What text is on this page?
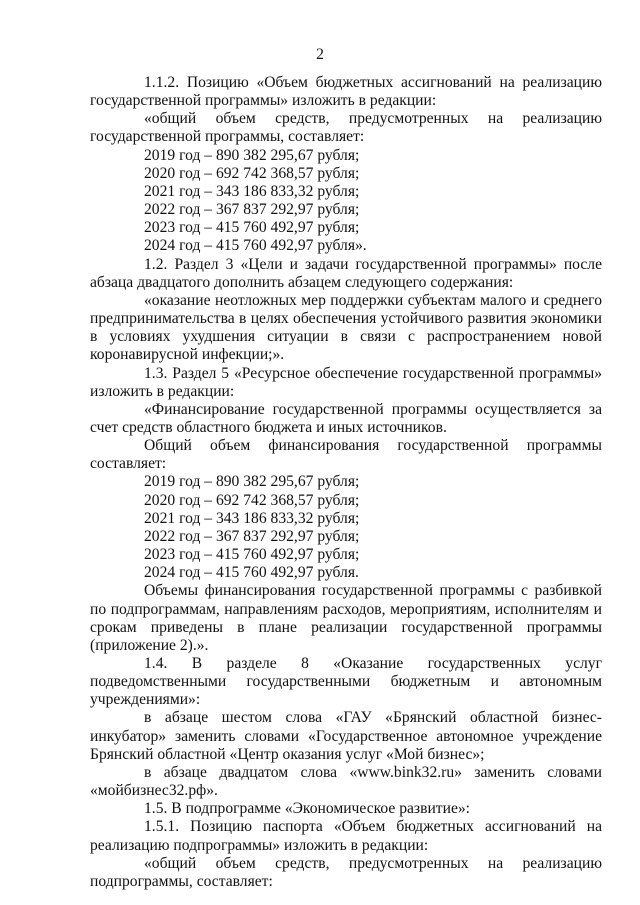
2

1.1.2. Позицию «Объем бюджетных ассигнований на реализацию государственной программы» изложить в редакции:

«общий объем средств, предусмотренных на реализацию государственной программы, составляет:

2019 год – 890 382 295,67 рубля;

2020 год – 692 742 368,57 рубля;

2021 год – 343 186 833,32 рубля;

2022 год – 367 837 292,97 рубля;

2023 год – 415 760 492,97 рубля;

2024 год – 415 760 492,97 рубля».

1.2. Раздел 3 «Цели и задачи государственной программы» после абзаца двадцатого дополнить абзацем следующего содержания:

«оказание неотложных мер поддержки субъектам малого и среднего предпринимательства в целях обеспечения устойчивого развития экономики в условиях ухудшения ситуации в связи с распространением новой коронавирусной инфекции;».

1.3. Раздел 5 «Ресурсное обеспечение государственной программы» изложить в редакции:

«Финансирование государственной программы осуществляется за счет средств областного бюджета и иных источников.

Общий объем финансирования государственной программы

составляет:

2019 год – 890 382 295,67 рубля;

2020 год – 692 742 368,57 рубля;

2021 год – 343 186 833,32 рубля;

2022 год – 367 837 292,97 рубля;

2023 год – 415 760 492,97 рубля;

2024 год – 415 760 492,97 рубля.

Объемы финансирования государственной программы с разбивкой по подпрограммам, направлениям расходов, мероприятиям, исполнителям и срокам приведены в плане реализации государственной программы (приложение 2).».

1.4. В разделе 8 «Оказание государственных услуг подведомственными государственными бюджетным и автономным учреждениями»:

в абзаце шестом слова «ГАУ «Брянский областной бизнес-инкубатор» заменить словами «Государственное автономное учреждение Брянский областной «Центр оказания услуг «Мой бизнес»;

в абзаце двадцатом слова «www.bink32.ru» заменить словами

«мойбизнес32.рф».

1.5. В подпрограмме «Экономическое развитие»:

1.5.1. Позицию паспорта «Объем бюджетных ассигнований на реализацию подпрограммы» изложить в редакции:

«общий объем средств, предусмотренных на реализацию

подпрограммы, составляет:
